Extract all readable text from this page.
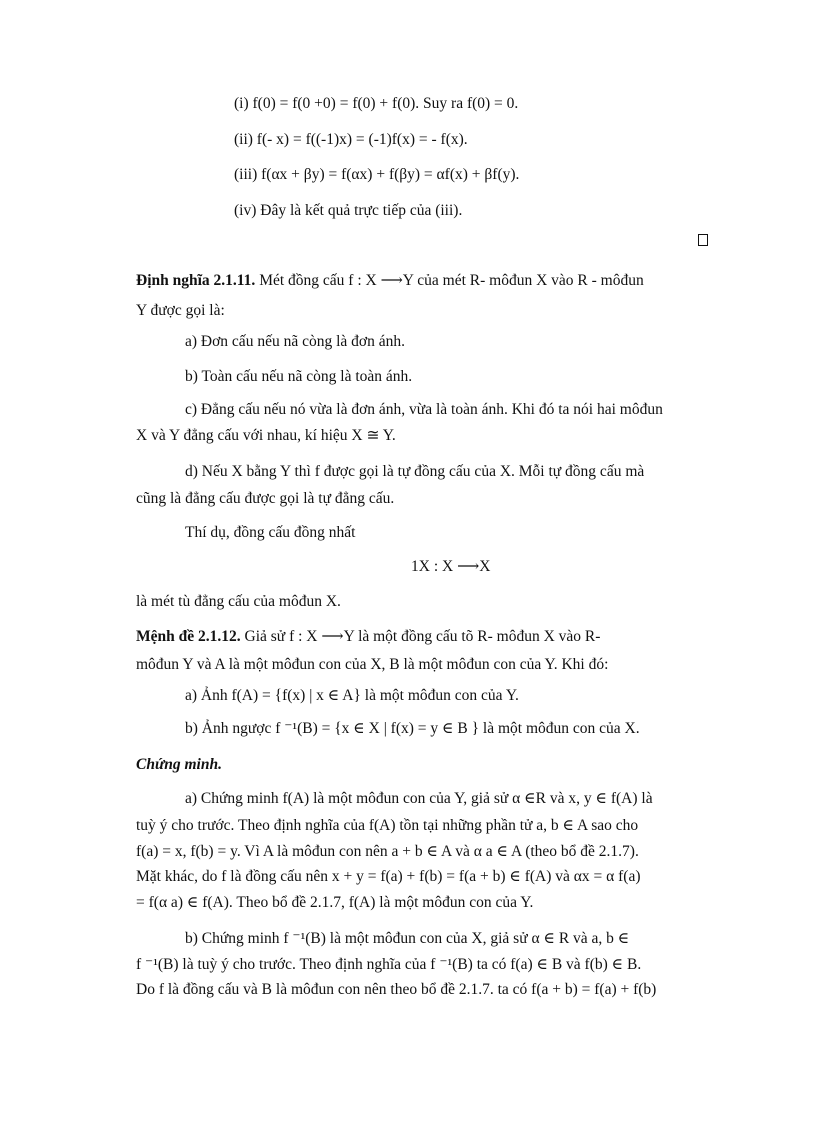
(i) f(0) = f(0 +0) = f(0) + f(0). Suy ra f(0) = 0.
(ii) f(- x) = f((-1)x) = (-1)f(x) = - f(x).
(iii) f(αx + βy) = f(αx) + f(βy) = αf(x) + βf(y).
(iv) Đây là kết quả trực tiếp của (iii).
Định nghĩa 2.1.11. Mét đồng cấu f : X ⟶Y của mét R- môđun X vào R - môđun
Y được gọi là:
a) Đơn cấu nếu nã còng là đơn ánh.
b) Toàn cấu nếu nã còng là toàn ánh.
c) Đẳng cấu nếu nó vừa là đơn ánh, vừa là toàn ánh. Khi đó ta nói hai môđun
X và Y đẳng cấu với nhau, kí hiệu X ≅ Y.
d) Nếu X bằng Y thì f được gọi là tự đồng cấu của X. Mỗi tự đồng cấu mà
cũng là đẳng cấu được gọi là tự đẳng cấu.
Thí dụ, đồng cấu đồng nhất
1X : X ⟶X
là mét tù đẳng cấu của môđun X.
Mệnh đề 2.1.12. Giả sử f : X ⟶Y là một đồng cấu tõ R- môđun X vào R-
môđun Y và A là một môđun con của X, B là một môđun con của Y. Khi đó:
a) Ảnh f(A) = {f(x) | x ∈ A} là một môđun con của Y.
b) Ảnh ngược f ⁻¹(B) = {x ∈ X | f(x) = y ∈ B } là một môđun con của X.
Chứng minh.
a) Chứng minh f(A) là một môđun con của Y, giả sử α ∈R và x, y ∈ f(A) là
tuỳ ý cho trước. Theo định nghĩa của f(A) tồn tại những phần tử a, b ∈ A sao cho
f(a) = x, f(b) = y. Vì A là môđun con nên a + b ∈ A và α a ∈ A (theo bổ đề 2.1.7).
Mặt khác, do f là đồng cấu nên x + y = f(a) + f(b) = f(a + b) ∈ f(A) và αx = α f(a)
= f(α a) ∈ f(A). Theo bổ đề 2.1.7, f(A) là một môđun con của Y.
b) Chứng minh f ⁻¹(B) là một môđun con của X, giả sử α ∈ R và a, b ∈
f ⁻¹(B) là tuỳ ý cho trước. Theo định nghĩa của f ⁻¹(B) ta có f(a) ∈ B và f(b) ∈ B.
Do f là đồng cấu và B là môđun con nên theo bổ đề 2.1.7. ta có f(a + b) = f(a) + f(b)
